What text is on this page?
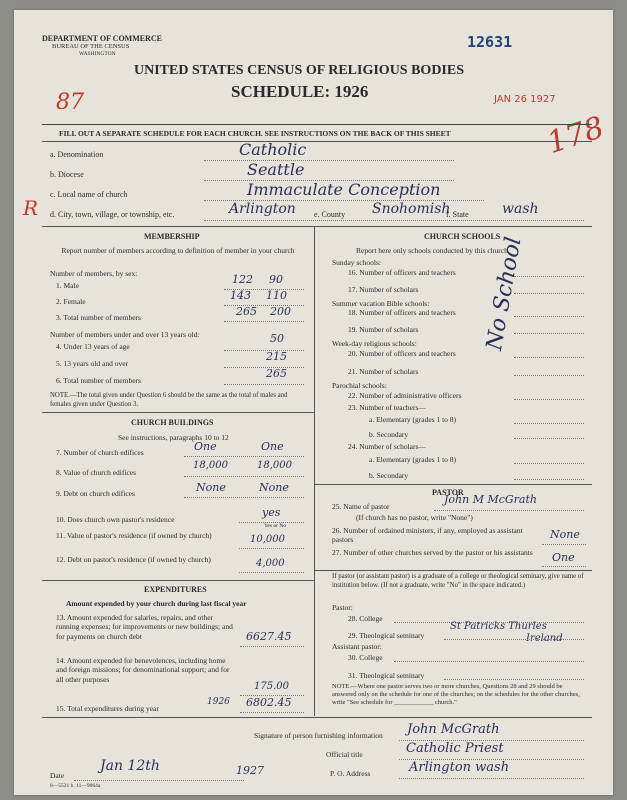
DEPARTMENT OF COMMERCE
BUREAU OF THE CENSUS
WASHINGTON
12631
UNITED STATES CENSUS OF RELIGIOUS BODIES
SCHEDULE: 1926	JAN 26 1927
87
178
R
FILL OUT A SEPARATE SCHEDULE FOR EACH CHURCH. SEE INSTRUCTIONS ON THE BACK OF THIS SHEET
a. Denomination	Catholic
b. Diocese	Seattle
c. Local name of church	Immaculate Conception
d. City, town, village, or township, etc.	Arlington e. County Snohomish
f. State wash
MEMBERSHIP
Report number of members according to definition of member in your church
Number of members, by sex:
1. Male	122 90
2. Female	143 110
3. Total number of members	265 200
Number of members under and over 13 years old:
4. Under 13 years of age
50
5. 13 years old and over
215
6. Total number of members
265
NOTE.—The total given under Question 6 should be the same as the total of males and females given under Question 3.
CHURCH BUILDINGS
See instructions, paragraphs 10 to 12
7. Number of church edifices	One	One
8. Value of church edifices
18,000	18,000
9. Debt on church edifices	None	None
10. Does church own pastor's residence
yes
Yes or No
11. Value of pastor's residence (if owned by church)	10,000
12. Debt on pastor's residence (if owned by church)	4,000
EXPENDITURES
Amount expended by your church during last fiscal year
13. Amount expended for salaries, repairs, and other running expenses; for improvements or new buildings; and for payments on church debt	6627.45
14. Amount expended for benevolences, including home and foreign missions; for denominational support; and for all other purposes
175.00
15. Total expenditures during year
1926 6802.45
CHURCH SCHOOLS
Report here only schools conducted by this church
Sunday schools:
16. Number of officers and teachers
17. Number of scholars
Summer vacation Bible schools:
18. Number of officers and teachers
19. Number of scholars
Week-day religious schools:
20. Number of officers and teachers
21. Number of scholars
Parochial schools:
22. Number of administrative officers
23. Number of teachers—
a. Elementary (grades 1 to 8)
b. Secondary
24. Number of scholars—
a. Elementary (grades 1 to 8)
b. Secondary
No School
PASTOR
25. Name of pastor
John M McGrath
(If church has no pastor, write "None")
26. Number of ordained ministers, if any, employed as assistant pastors	None
27. Number of other churches served by the pastor or his assistants	One
If pastor (or assistant pastor) is a graduate of a college or theological seminary, give name of institution below. (If not a graduate, write "No" in the space indicated.)
Pastor:
28. College
29. Theological seminary
St Patricks Thurles
Ireland
Assistant pastor:
30. College
31. Theological seminary
NOTE.—Where one pastor serves two or more churches, Questions 28 and 29 should be answered only on the schedule for one of the churches; on the schedules for the other churches, write "See schedule for ____________ church."
Signature of person furnishing information John McGrath
Official title	Catholic Priest
P. O. Address	Arlington wash
Date
Jan 12th	1927
8—5531 b. 11—9064a
